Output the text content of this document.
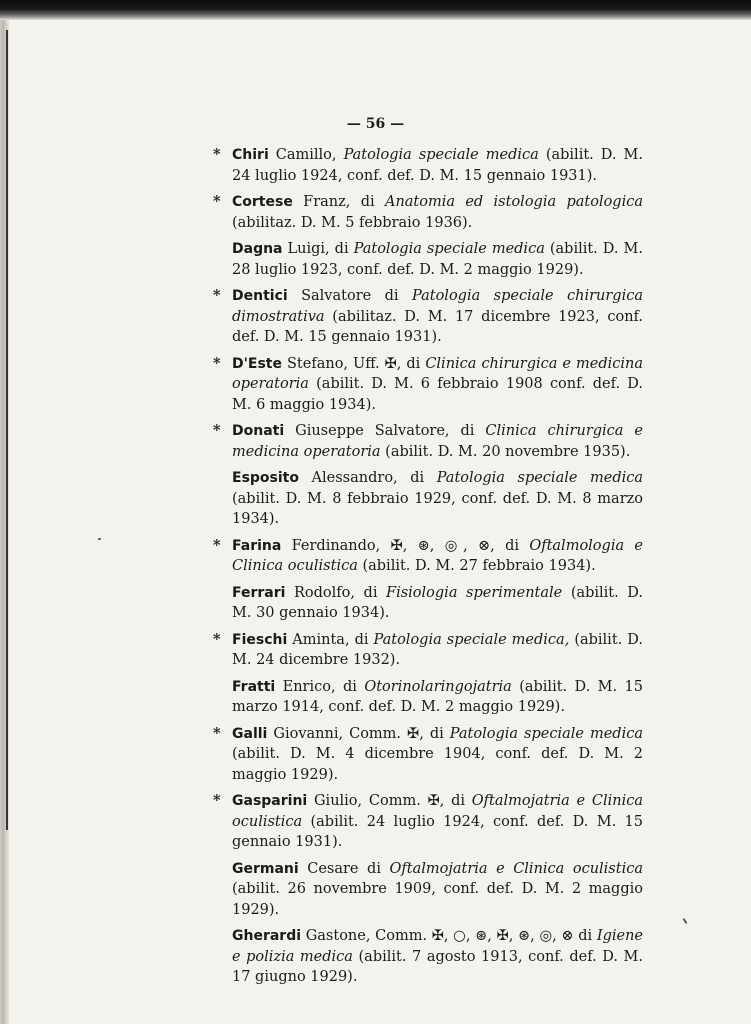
— 56 —
* Chiri Camillo, Patologia speciale medica (abilit. D. M. 24 luglio 1924, conf. def. D. M. 15 gennaio 1931).
* Cortese Franz, di Anatomia ed istologia patologica (abilitaz. D. M. 5 febbraio 1936).
Dagna Luigi, di Patologia speciale medica (abilit. D. M. 28 luglio 1923, conf. def. D. M. 2 maggio 1929).
* Dentici Salvatore di Patologia speciale chirurgica dimostrativa (abilitaz. D. M. 17 dicembre 1923, conf. def. D. M. 15 gennaio 1931).
* D'Este Stefano, Uff. ✠, di Clinica chirurgica e medicina operatoria (abilit. D. M. 6 febbraio 1908 conf. def. D. M. 6 maggio 1934).
* Donati Giuseppe Salvatore, di Clinica chirurgica e medicina operatoria (abilit. D. M. 20 novembre 1935).
Esposito Alessandro, di Patologia speciale medica (abilit. D. M. 8 febbraio 1929, conf. def. D. M. 8 marzo 1934).
* Farina Ferdinando, ✠, ⊛, ◎, ⊗, di Oftalmologia e Clinica oculistica (abilit. D. M. 27 febbraio 1934).
Ferrari Rodolfo, di Fisiologia sperimentale (abilit. D. M. 30 gennaio 1934).
* Fieschi Aminta, di Patologia speciale medica, (abilit. D. M. 24 dicembre 1932).
Fratti Enrico, di Otorinolaringojatria (abilit. D. M. 15 marzo 1914, conf. def. D. M. 2 maggio 1929).
* Galli Giovanni, Comm. ✠, di Patologia speciale medica (abilit. D. M. 4 dicembre 1904, conf. def. D. M. 2 maggio 1929).
* Gasparini Giulio, Comm. ✠, di Oftalmojatria e Clinica oculistica (abilit. 24 luglio 1924, conf. def. D. M. 15 gennaio 1931).
Germani Cesare di Oftalmojatria e Clinica oculistica (abilit. 26 novembre 1909, conf. def. D. M. 2 maggio 1929).
Gherardi Gastone, Comm. ✠, ○, ⊛, ✠, ⊛, ◎, ⊗ di Igiene e polizia medica (abilit. 7 agosto 1913, conf. def. D. M. 17 giugno 1929).
